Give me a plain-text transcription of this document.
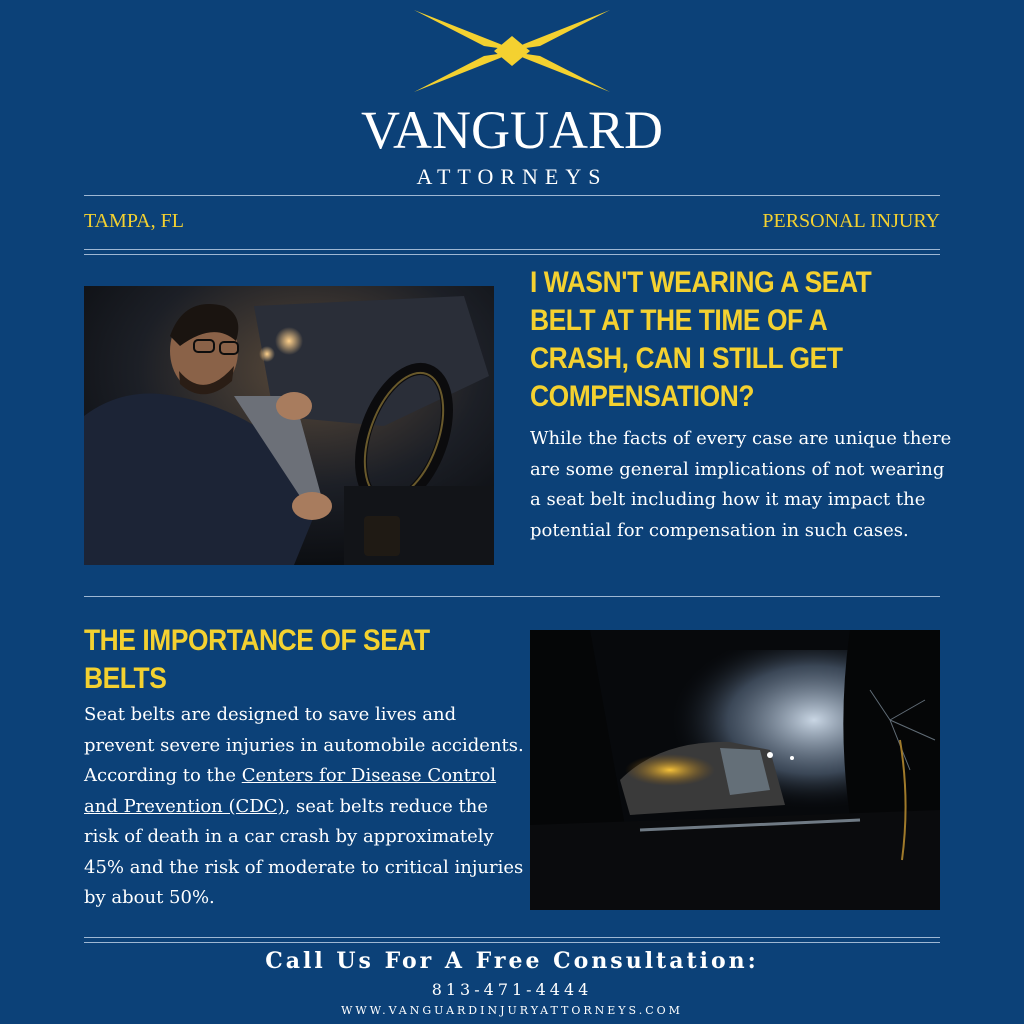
VANGUARD
ATTORNEYS
TAMPA, FL	PERSONAL INJURY
I WASN'T WEARING A SEAT BELT AT THE TIME OF A CRASH, CAN I STILL GET COMPENSATION?
While the facts of every case are unique there are some general implications of not wearing a seat belt including how it may impact the potential for compensation in such cases.
THE IMPORTANCE OF SEAT BELTS
Seat belts are designed to save lives and prevent severe injuries in automobile accidents. According to the Centers for Disease Control and Prevention (CDC), seat belts reduce the risk of death in a car crash by approximately 45% and the risk of moderate to critical injuries by about 50%.
Call Us For A Free Consultation:
813-471-4444
WWW.VANGUARDINJURYATTORNEYS.COM
